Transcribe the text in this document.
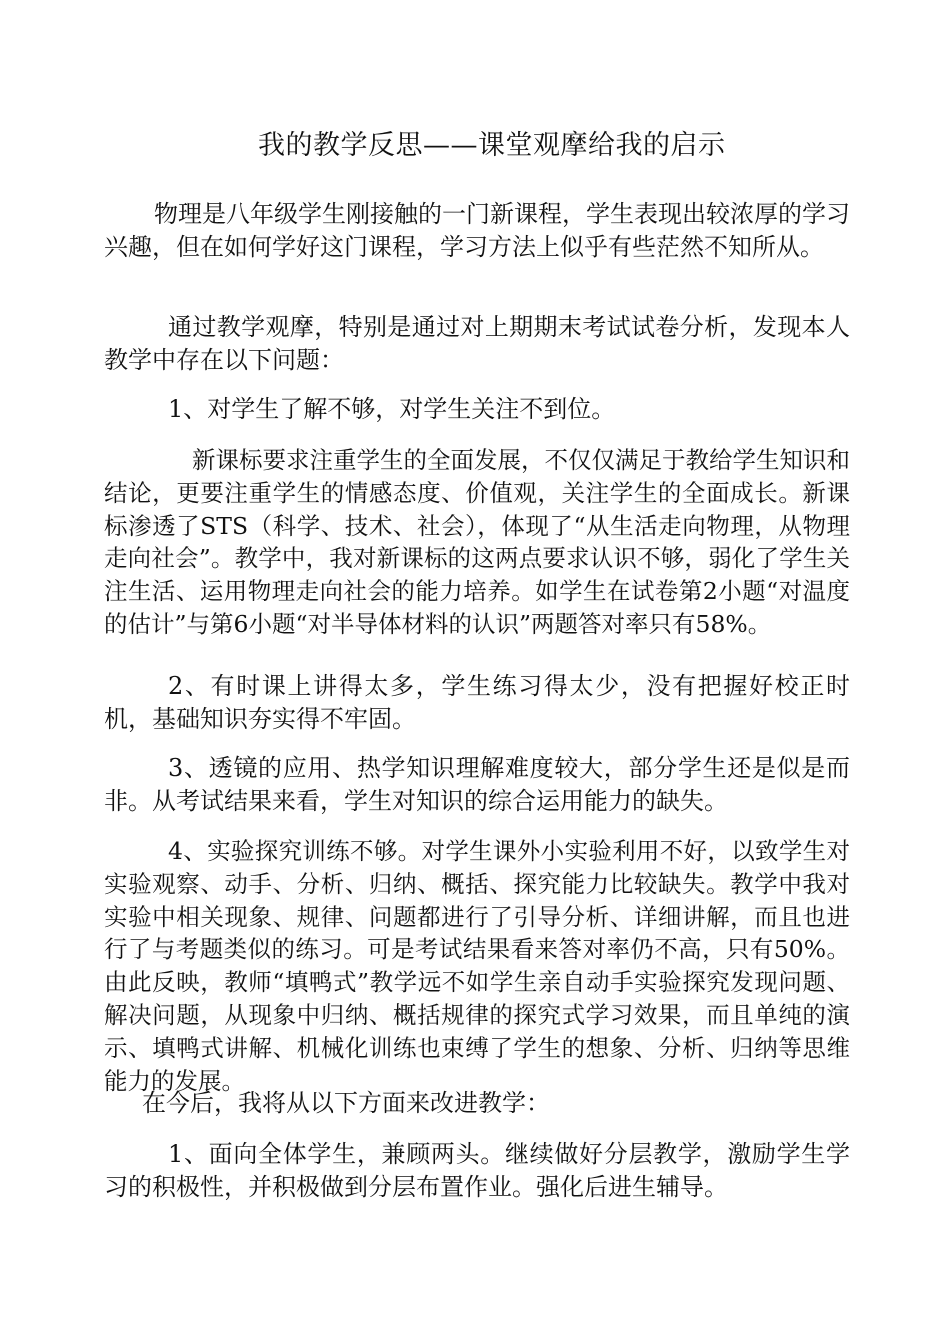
我的教学反思——课堂观摩给我的启示

物理是八年级学生刚接触的一门新课程，学生表现出较浓厚的学习兴趣，但在如何学好这门课程，学习方法上似乎有些茫然不知所从。

通过教学观摩，特别是通过对上期期末考试试卷分析，发现本人教学中存在以下问题：

1、对学生了解不够，对学生关注不到位。

新课标要求注重学生的全面发展，不仅仅满足于教给学生知识和结论，更要注重学生的情感态度、价值观，关注学生的全面成长。新课标渗透了STS（科学、技术、社会），体现了“从生活走向物理，从物理走向社会”。教学中，我对新课标的这两点要求认识不够，弱化了学生关注生活、运用物理走向社会的能力培养。如学生在试卷第2小题“对温度的估计”与第6小题“对半导体材料的认识”两题答对率只有58%。

2、有时课上讲得太多，学生练习得太少，没有把握好校正时机，基础知识夯实得不牢固。

3、透镜的应用、热学知识理解难度较大，部分学生还是似是而非。从考试结果来看，学生对知识的综合运用能力的缺失。

4、实验探究训练不够。对学生课外小实验利用不好，以致学生对实验观察、动手、分析、归纳、概括、探究能力比较缺失。教学中我对实验中相关现象、规律、问题都进行了引导分析、详细讲解，而且也进行了与考题类似的练习。可是考试结果看来答对率仍不高，只有50%。由此反映，教师“填鸭式”教学远不如学生亲自动手实验探究发现问题、解决问题，从现象中归纳、概括规律的探究式学习效果，而且单纯的演示、填鸭式讲解、机械化训练也束缚了学生的想象、分析、归纳等思维能力的发展。

在今后，我将从以下方面来改进教学：

1、面向全体学生，兼顾两头。继续做好分层教学，激励学生学习的积极性，并积极做到分层布置作业。强化后进生辅导。
